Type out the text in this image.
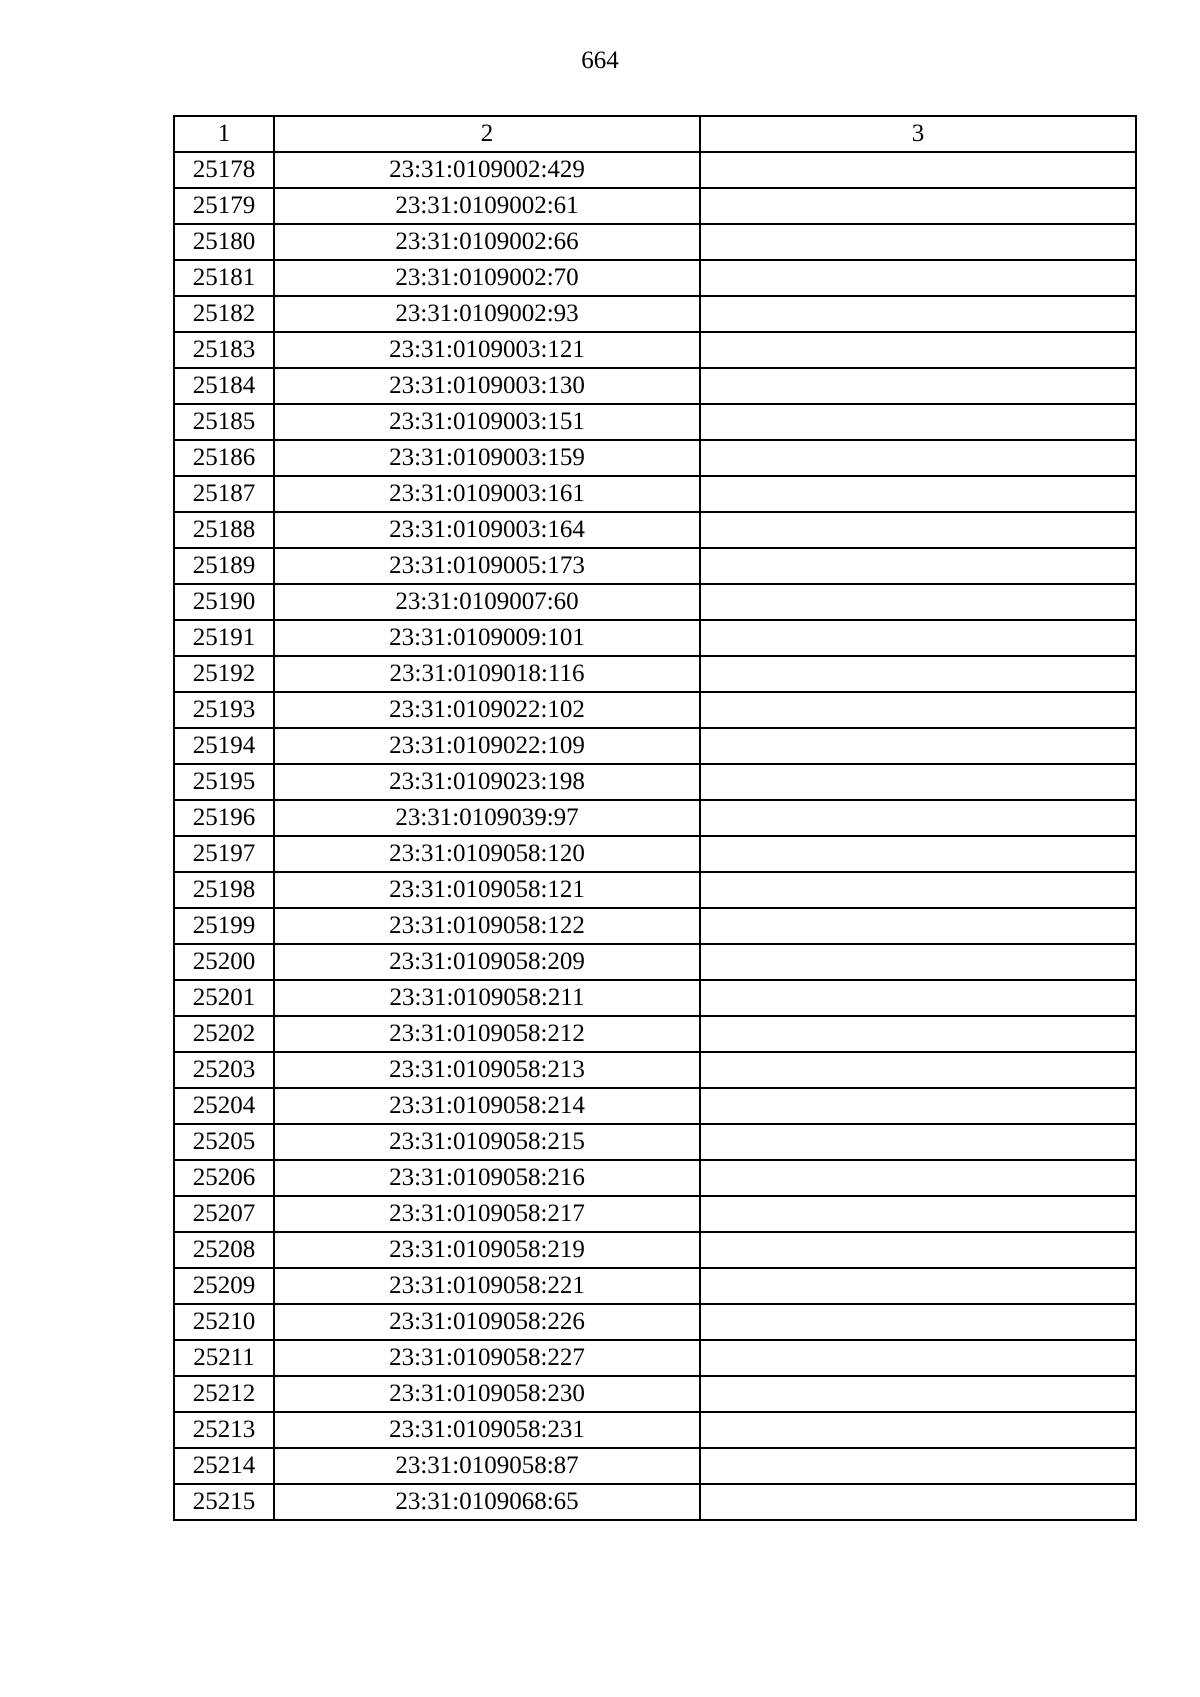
664
1	2	3
25178	23:31:0109002:429	
25179	23:31:0109002:61	
25180	23:31:0109002:66	
25181	23:31:0109002:70	
25182	23:31:0109002:93	
25183	23:31:0109003:121	
25184	23:31:0109003:130	
25185	23:31:0109003:151	
25186	23:31:0109003:159	
25187	23:31:0109003:161	
25188	23:31:0109003:164	
25189	23:31:0109005:173	
25190	23:31:0109007:60	
25191	23:31:0109009:101	
25192	23:31:0109018:116	
25193	23:31:0109022:102	
25194	23:31:0109022:109	
25195	23:31:0109023:198	
25196	23:31:0109039:97	
25197	23:31:0109058:120	
25198	23:31:0109058:121	
25199	23:31:0109058:122	
25200	23:31:0109058:209	
25201	23:31:0109058:211	
25202	23:31:0109058:212	
25203	23:31:0109058:213	
25204	23:31:0109058:214	
25205	23:31:0109058:215	
25206	23:31:0109058:216	
25207	23:31:0109058:217	
25208	23:31:0109058:219	
25209	23:31:0109058:221	
25210	23:31:0109058:226	
25211	23:31:0109058:227	
25212	23:31:0109058:230	
25213	23:31:0109058:231	
25214	23:31:0109058:87	
25215	23:31:0109068:65	
